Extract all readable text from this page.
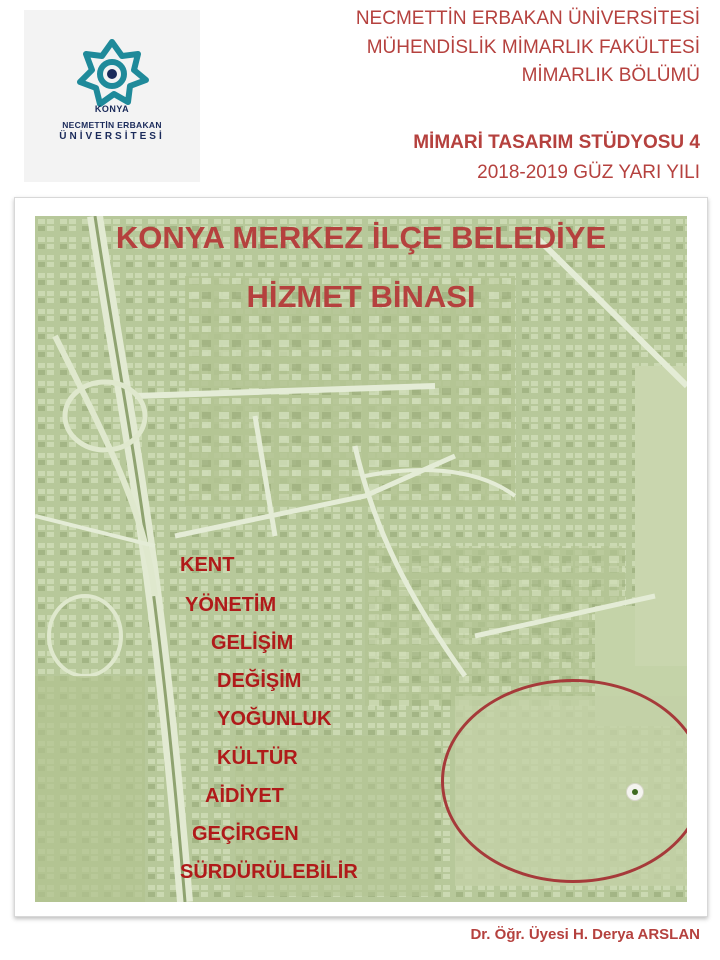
KONYA
NECMETTİN ERBAKAN
ÜNİVERSİTESİ
NECMETTİN ERBAKAN ÜNİVERSİTESİ
MÜHENDİSLİK MİMARLIK FAKÜLTESİ
MİMARLIK BÖLÜMÜ
MİMARİ TASARIM STÜDYOSU 4
2018-2019 GÜZ YARI YILI
KONYA MERKEZ İLÇE BELEDİYE
HİZMET BİNASI
KENT
YÖNETİM
GELİŞİM
DEĞİŞİM
YOĞUNLUK
KÜLTÜR
AİDİYET
GEÇİRGEN
SÜRDÜRÜLEBİLİR
Dr. Öğr. Üyesi H. Derya ARSLAN
